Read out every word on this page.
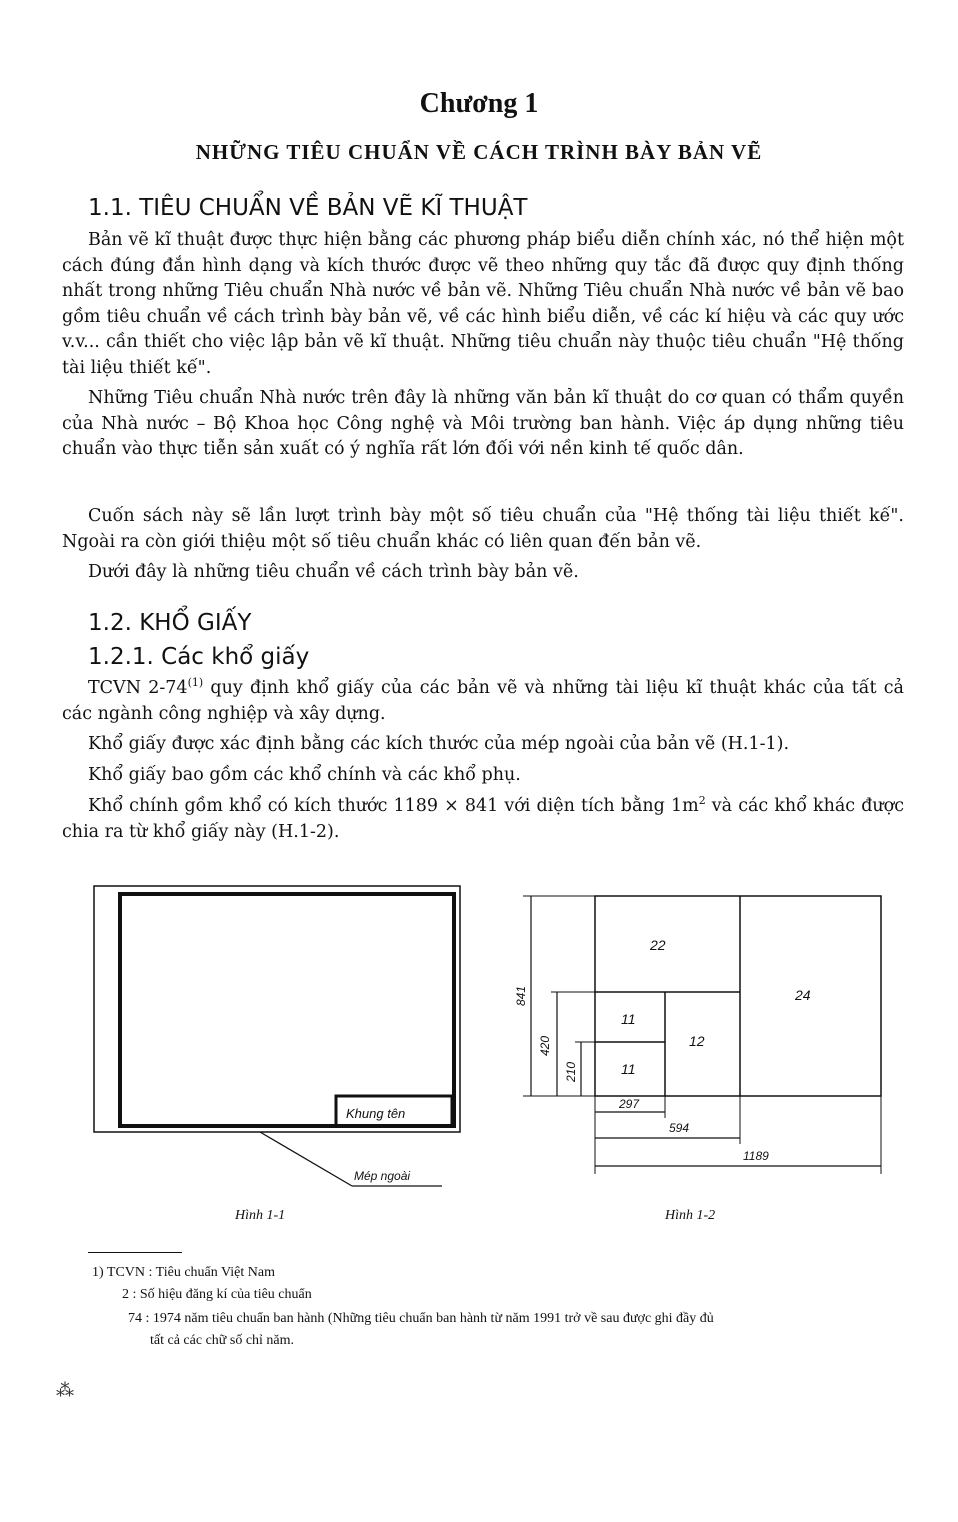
Chương 1
NHỮNG TIÊU CHUẨN VỀ CÁCH TRÌNH BÀY BẢN VẼ
1.1. TIÊU CHUẨN VỀ BẢN VẼ KĨ THUẬT

Bản vẽ kĩ thuật được thực hiện bằng các phương pháp biểu diễn chính xác, nó thể hiện một cách đúng đắn hình dạng và kích thước được vẽ theo những quy tắc đã được quy định thống nhất trong những Tiêu chuẩn Nhà nước về bản vẽ. Những Tiêu chuẩn Nhà nước về bản vẽ bao gồm tiêu chuẩn về cách trình bày bản vẽ, về các hình biểu diễn, về các kí hiệu và các quy ước v.v... cần thiết cho việc lập bản vẽ kĩ thuật. Những tiêu chuẩn này thuộc tiêu chuẩn "Hệ thống tài liệu thiết kế".

Những Tiêu chuẩn Nhà nước trên đây là những văn bản kĩ thuật do cơ quan có thẩm quyền của Nhà nước – Bộ Khoa học Công nghệ và Môi trường ban hành. Việc áp dụng những tiêu chuẩn vào thực tiễn sản xuất có ý nghĩa rất lớn đối với nền kinh tế quốc dân.

Cuốn sách này sẽ lần lượt trình bày một số tiêu chuẩn của "Hệ thống tài liệu thiết kế". Ngoài ra còn giới thiệu một số tiêu chuẩn khác có liên quan đến bản vẽ.

Dưới đây là những tiêu chuẩn về cách trình bày bản vẽ.

1.2. KHỔ GIẤY
1.2.1. Các khổ giấy

TCVN 2-74$^{(1)}$ quy định khổ giấy của các bản vẽ và những tài liệu kĩ thuật khác của tất cả các ngành công nghiệp và xây dựng.

Khổ giấy được xác định bằng các kích thước của mép ngoài của bản vẽ (H.1-1).

Khổ giấy bao gồm các khổ chính và các khổ phụ.

Khổ chính gồm khổ có kích thước 1189 × 841 với diện tích bằng $1m^2$ và các khổ khác được chia ra từ khổ giấy này (H.1-2).

Khung tên
Mép ngoài
Hình 1-1
22
24
11
11
12
841
420
210
297
594
1189
Hình 1-2
1) TCVN : Tiêu chuẩn Việt Nam
2 : Số hiệu đăng kí của tiêu chuẩn
74 : 1974 năm tiêu chuẩn ban hành (Những tiêu chuẩn ban hành từ năm 1991 trở về sau được ghi đầy đủ
tất cả các chữ số chỉ năm.
⁂
